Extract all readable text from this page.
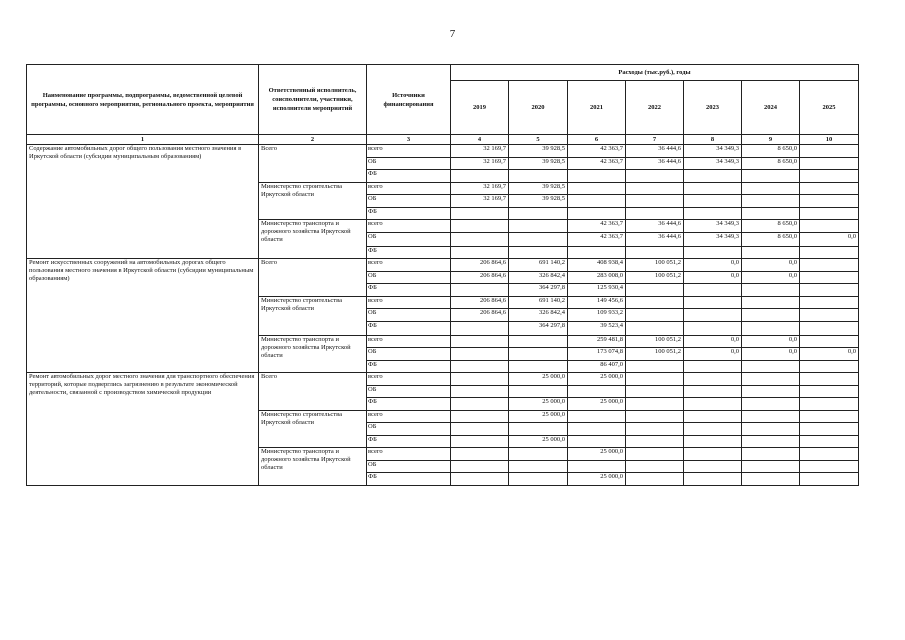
7
Наименование программы, подпрограммы, ведомственной целевой программы, основного мероприятия, регионального проекта, мероприятия	Ответственный исполнитель, соисполнители, участники, исполнители мероприятий	Источники финансирования	Расходы (тыс.руб.), годы						
			2019	2020	2021	2022	2023	2024	2025
1	2	3	4	5	6	7	8	9	10
Содержание автомобильных дорог общего пользования местного значения в Иркутской области (субсидии муниципальным образованиям)	Всего	всего	32 169,7	39 928,5	42 363,7	36 444,6	34 349,3	8 650,0	
		ОБ	32 169,7	39 928,5	42 363,7	36 444,6	34 349,3	8 650,0	
		ФБ							
	Министерство строительства Иркутской области	всего	32 169,7	39 928,5					
		ОБ	32 169,7	39 928,5					
		ФБ							
	Министерство транспорта и дорожного хозяйства Иркутской области	всего			42 363,7	36 444,6	34 349,3	8 650,0	
		ОБ			42 363,7	36 444,6	34 349,3	8 650,0	0,0
		ФБ							
Ремонт искусственных сооружений на автомобильных дорогах общего пользования местного значения в Иркутской области (субсидии муниципальным образованиям)	Всего	всего	206 864,6	691 140,2	408 938,4	100 051,2	0,0	0,0	
		ОБ	206 864,6	326 842,4	283 008,0	100 051,2	0,0	0,0	
		ФБ		364 297,8	125 930,4				
	Министерство строительства Иркутской области	всего	206 864,6	691 140,2	149 456,6				
		ОБ	206 864,6	326 842,4	109 933,2				
		ФБ		364 297,8	39 523,4				
	Министерство транспорта и дорожного хозяйства Иркутской области	всего			259 481,8	100 051,2	0,0	0,0	
		ОБ			173 074,8	100 051,2	0,0	0,0	0,0
		ФБ			86 407,0				
Ремонт автомобильных дорог местного значения для транспортного обеспечения территорий, которые подверглись загрязнению в результате экономической деятельности, связанной с производством химической продукции	Всего	всего		25 000,0	25 000,0				
		ОБ							
		ФБ		25 000,0	25 000,0				
	Министерство строительства Иркутской области	всего		25 000,0					
		ОБ							
		ФБ		25 000,0					
	Министерство транспорта и дорожного хозяйства Иркутской области	всего			25 000,0				
		ОБ							
		ФБ			25 000,0				
